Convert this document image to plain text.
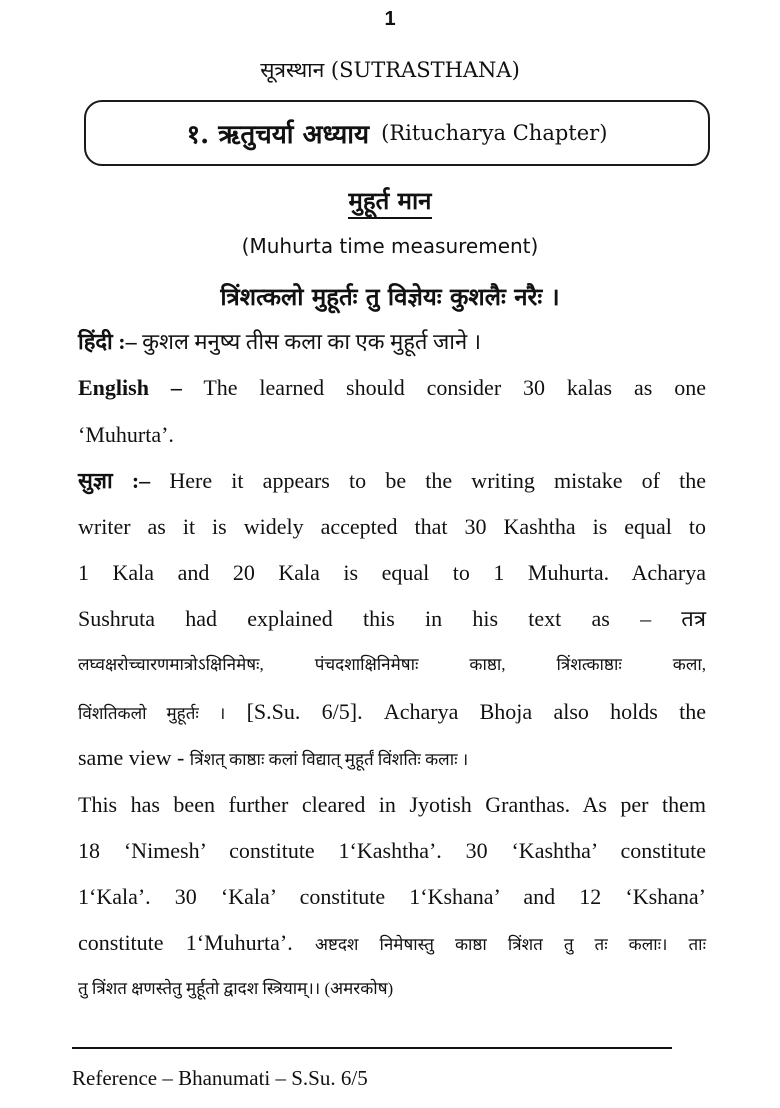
1
सूत्रस्थान (SUTRASTHANA)
१. ऋतुचर्या अध्याय (Ritucharya Chapter)
मुहूर्त मान
(Muhurta time measurement)
त्रिंशत्कलो मुहूर्तः तु विज्ञेयः कुशलैः नरैः ।
हिंदी :– कुशल मनुष्य तीस कला का एक मुहूर्त जाने ।
English – The learned should consider 30 kalas as one
‘Muhurta’.
सुज्ञा :– Here it appears to be the writing mistake of the
writer as it is widely accepted that 30 Kashtha is equal to
1 Kala and 20 Kala is equal to 1 Muhurta. Acharya
Sushruta had explained this in his text as – तत्र
लघ्वक्षरोच्चारणमात्रोऽक्षिनिमेषः, पंचदशाक्षिनिमेषाः काष्ठा, त्रिंशत्काष्ठाः कला,
विंशतिकलो मुहूर्तः । [S.Su. 6/5]. Acharya Bhoja also holds the
same view - त्रिंशत् काष्ठाः कलां विद्यात् मुहूर्तं विंशतिः कलाः ।
This has been further cleared in Jyotish Granthas. As per them
18 ‘Nimesh’ constitute 1‘Kashtha’. 30 ‘Kashtha’ constitute
1‘Kala’. 30 ‘Kala’ constitute 1‘Kshana’ and 12 ‘Kshana’
constitute 1‘Muhurta’. अष्टदश निमेषास्तु काष्ठा त्रिंशत तु तः कलाः। ताः
तु त्रिंशत क्षणस्तेतु मुर्हूतो द्वादश स्त्रियाम्।। (अमरकोष)
Reference – Bhanumati – S.Su. 6/5
